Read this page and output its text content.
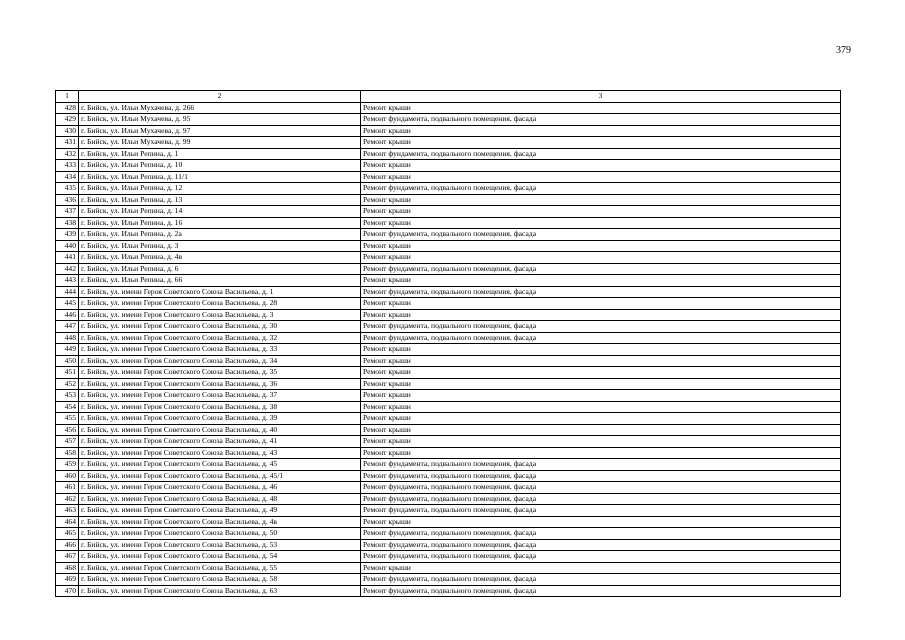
379
1	2	3
428	г. Бийск, ул. Ильи Мухачева, д. 266	Ремонт крыши
429	г. Бийск, ул. Ильи Мухачева, д. 95	Ремонт фундамента, подвального помещения, фасада
430	г. Бийск, ул. Ильи Мухачева, д. 97	Ремонт крыши
431	г. Бийск, ул. Ильи Мухачева, д. 99	Ремонт крыши
432	г. Бийск, ул. Ильи Репина, д. 1	Ремонт фундамента, подвального помещения, фасада
433	г. Бийск, ул. Ильи Репина, д. 10	Ремонт крыши
434	г. Бийск, ул. Ильи Репина, д. 11/1	Ремонт крыши
435	г. Бийск, ул. Ильи Репина, д. 12	Ремонт фундамента, подвального помещения, фасада
436	г. Бийск, ул. Ильи Репина, д. 13	Ремонт крыши
437	г. Бийск, ул. Ильи Репина, д. 14	Ремонт крыши
438	г. Бийск, ул. Ильи Репина, д. 16	Ремонт крыши
439	г. Бийск, ул. Ильи Репина, д. 2а	Ремонт фундамента, подвального помещения, фасада
440	г. Бийск, ул. Ильи Репина, д. 3	Ремонт крыши
441	г. Бийск, ул. Ильи Репина, д. 4в	Ремонт крыши
442	г. Бийск, ул. Ильи Репина, д. 6	Ремонт фундамента, подвального помещения, фасада
443	г. Бийск, ул. Ильи Репина, д. 66	Ремонт крыши
444	г. Бийск, ул. имени Героя Советского Союза Васильева, д. 1	Ремонт фундамента, подвального помещения, фасада
445	г. Бийск, ул. имени Героя Советского Союза Васильева, д. 28	Ремонт крыши
446	г. Бийск, ул. имени Героя Советского Союза Васильева, д. 3	Ремонт крыши
447	г. Бийск, ул. имени Героя Советского Союза Васильева, д. 30	Ремонт фундамента, подвального помещения, фасада
448	г. Бийск, ул. имени Героя Советского Союза Васильева, д. 32	Ремонт фундамента, подвального помещения, фасада
449	г. Бийск, ул. имени Героя Советского Союза Васильева, д. 33	Ремонт крыши
450	г. Бийск, ул. имени Героя Советского Союза Васильева, д. 34	Ремонт крыши
451	г. Бийск, ул. имени Героя Советского Союза Васильева, д. 35	Ремонт крыши
452	г. Бийск, ул. имени Героя Советского Союза Васильева, д. 36	Ремонт крыши
453	г. Бийск, ул. имени Героя Советского Союза Васильева, д. 37	Ремонт крыши
454	г. Бийск, ул. имени Героя Советского Союза Васильева, д. 38	Ремонт крыши
455	г. Бийск, ул. имени Героя Советского Союза Васильева, д. 39	Ремонт крыши
456	г. Бийск, ул. имени Героя Советского Союза Васильева, д. 40	Ремонт крыши
457	г. Бийск, ул. имени Героя Советского Союза Васильева, д. 41	Ремонт крыши
458	г. Бийск, ул. имени Героя Советского Союза Васильева, д. 43	Ремонт крыши
459	г. Бийск, ул. имени Героя Советского Союза Васильева, д. 45	Ремонт фундамента, подвального помещения, фасада
460	г. Бийск, ул. имени Героя Советского Союза Васильева, д. 45/1	Ремонт фундамента, подвального помещения, фасада
461	г. Бийск, ул. имени Героя Советского Союза Васильева, д. 46	Ремонт фундамента, подвального помещения, фасада
462	г. Бийск, ул. имени Героя Советского Союза Васильева, д. 48	Ремонт фундамента, подвального помещения, фасада
463	г. Бийск, ул. имени Героя Советского Союза Васильева, д. 49	Ремонт фундамента, подвального помещения, фасада
464	г. Бийск, ул. имени Героя Советского Союза Васильева, д. 4в	Ремонт крыши
465	г. Бийск, ул. имени Героя Советского Союза Васильева, д. 50	Ремонт фундамента, подвального помещения, фасада
466	г. Бийск, ул. имени Героя Советского Союза Васильева, д. 53	Ремонт фундамента, подвального помещения, фасада
467	г. Бийск, ул. имени Героя Советского Союза Васильева, д. 54	Ремонт фундамента, подвального помещения, фасада
468	г. Бийск, ул. имени Героя Советского Союза Васильева, д. 55	Ремонт крыши
469	г. Бийск, ул. имени Героя Советского Союза Васильева, д. 58	Ремонт фундамента, подвального помещения, фасада
470	г. Бийск, ул. имени Героя Советского Союза Васильева, д. 63	Ремонт фундамента, подвального помещения, фасада
